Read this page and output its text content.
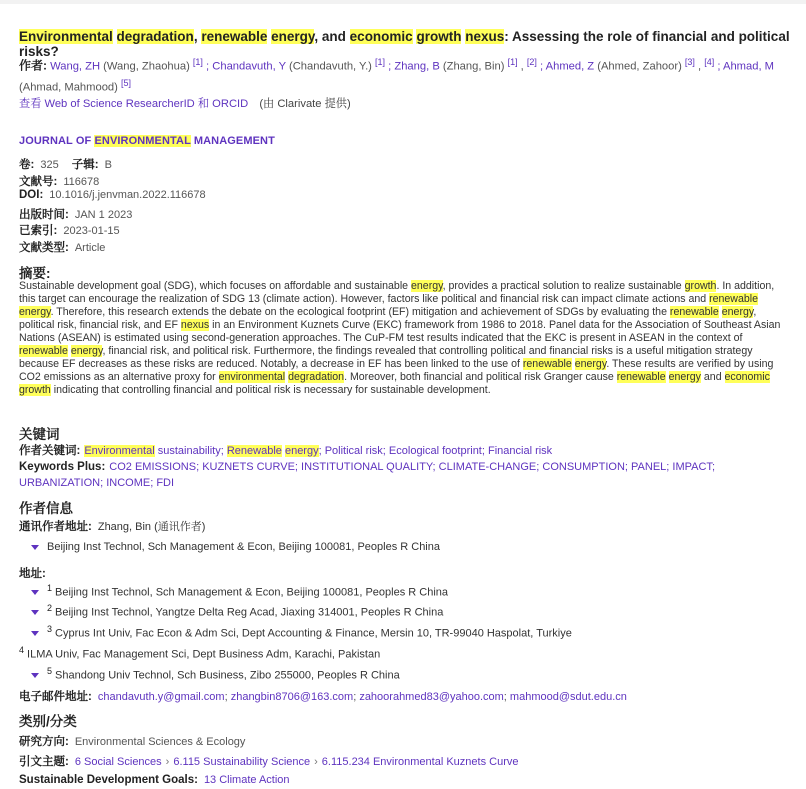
Environmental degradation, renewable energy, and economic growth nexus: Assessing the role of financial and political risks?
作者: Wang, ZH (Wang, Zhaohua) [1] ; Chandavuth, Y (Chandavuth, Y.) [1] ; Zhang, B (Zhang, Bin) [1] , [2] ; Ahmed, Z (Ahmed, Zahoor) [3] , [4] ; Ahmad, M (Ahmad, Mahmood) [5]
查看 Web of Science ResearcherID 和 ORCID (由 Clarivate 提供)
JOURNAL OF ENVIRONMENTAL MANAGEMENT
卷: 325 子辑: B
文献号: 116678
DOI: 10.1016/j.jenvman.2022.116678
出版时间: JAN 1 2023
已索引: 2023-01-15
文献类型: Article
摘要:
Sustainable development goal (SDG), which focuses on affordable and sustainable energy, provides a practical solution to realize sustainable growth. In addition, this target can encourage the realization of SDG 13 (climate action). However, factors like political and financial risk can impact climate actions and renewable energy. Therefore, this research extends the debate on the ecological footprint (EF) mitigation and achievement of SDGs by evaluating the renewable energy, political risk, financial risk, and EF nexus in an Environment Kuznets Curve (EKC) framework from 1986 to 2018. Panel data for the Association of Southeast Asian Nations (ASEAN) is estimated using second-generation approaches. The CuP-FM test results indicated that the EKC is present in ASEAN in the context of renewable energy, financial risk, and political risk. Furthermore, the findings revealed that controlling political and financial risks is a useful mitigation strategy because EF decreases as these risks are reduced. Notably, a decrease in EF has been linked to the use of renewable energy. These results are verified by using CO2 emissions as an alternative proxy for environmental degradation. Moreover, both financial and political risk Granger cause renewable energy and economic growth indicating that controlling financial and political risk is necessary for sustainable development.
关键词
作者关键词: Environmental sustainability; Renewable energy; Political risk; Ecological footprint; Financial risk
Keywords Plus: CO2 EMISSIONS; KUZNETS CURVE; INSTITUTIONAL QUALITY; CLIMATE-CHANGE; CONSUMPTION; PANEL; IMPACT; URBANIZATION; INCOME; FDI
作者信息
通讯作者地址: Zhang, Bin (通讯作者)
Beijing Inst Technol, Sch Management & Econ, Beijing 100081, Peoples R China
地址:
$^1$ Beijing Inst Technol, Sch Management & Econ, Beijing 100081, Peoples R China
$^2$ Beijing Inst Technol, Yangtze Delta Reg Acad, Jiaxing 314001, Peoples R China
$^3$ Cyprus Int Univ, Fac Econ & Adm Sci, Dept Accounting & Finance, Mersin 10, TR-99040 Haspolat, Turkiye
$^4$ ILMA Univ, Fac Management Sci, Dept Business Adm, Karachi, Pakistan
$^5$ Shandong Univ Technol, Sch Business, Zibo 255000, Peoples R China
电子邮件地址: chandavuth.y@gmail.com; zhangbin8706@163.com; zahoorahmed83@yahoo.com; mahmood@sdut.edu.cn
类别/分类
研究方向: Environmental Sciences & Ecology
引文主题: 6 Social Sciences › 6.115 Sustainability Science › 6.115.234 Environmental Kuznets Curve
Sustainable Development Goals: 13 Climate Action
